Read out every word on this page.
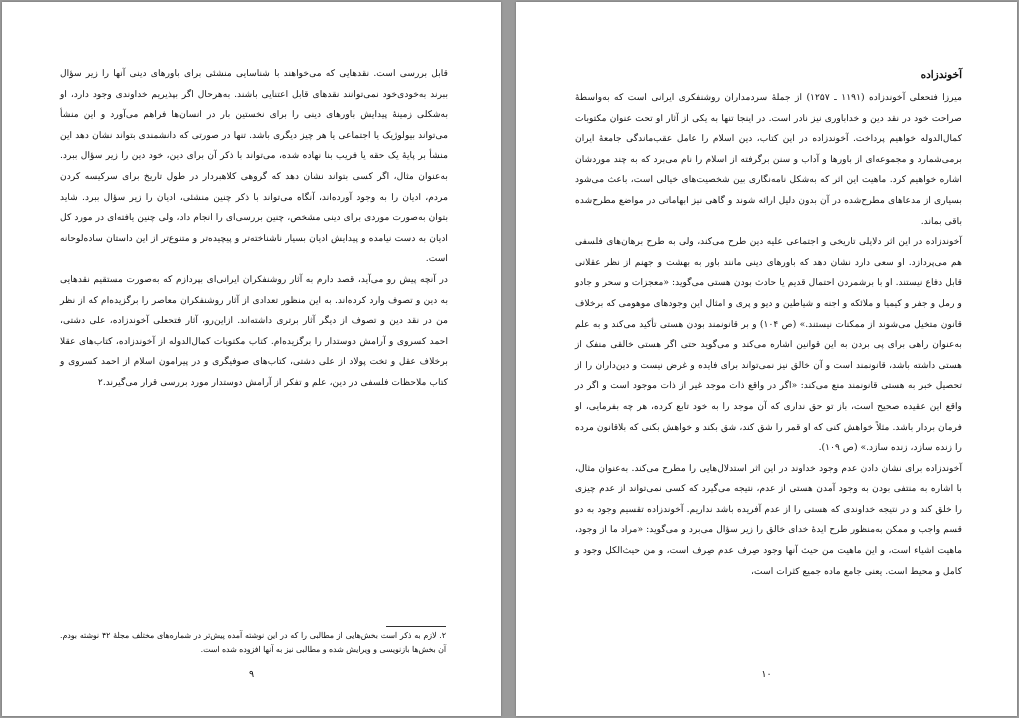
قابل بررسی است. نقدهایی که می‌خواهند با شناسایی منشئی برای باورهای دینی آنها را زیر سؤال ببرند به‌خودی‌خود نمی‌توانند نقدهای قابل اعتنایی باشند. به‌هرحال اگر بپذیریم خداوندی وجود دارد، او به‌شکلی زمینهٔ پیدایش باورهای دینی را برای نخستین بار در انسان‌ها فراهم می‌آورد و این منشأ می‌تواند بیولوژیک یا اجتماعی یا هر چیز دیگری باشد. تنها در صورتی که دانشمندی بتواند نشان دهد این منشأ بر پایهٔ یک حقه یا فریب بنا نهاده شده، می‌تواند با ذکر آن برای دین، خود دین را زیر سؤال ببرد. به‌عنوان مثال، اگر کسی بتواند نشان دهد که گروهی کلاهبردار در طول تاریخ برای سرکیسه کردن مردم، ادیان را به وجود آورده‌اند، آنگاه می‌تواند با ذکر چنین منشئی، ادیان را زیر سؤال ببرد. شاید بتوان به‌صورت موردی برای دینی مشخص، چنین بررسی‌ای را انجام داد، ولی چنین یافته‌ای در مورد کل ادیان به دست نیامده و پیدایش ادیان بسیار ناشناخته‌تر و پیچیده‌تر و متنوع‌تر از این داستان ساده‌لوحانه است.

در آنچه پیش رو می‌آید، قصد دارم به آثار روشنفکران ایرانی‌ای بپردازم که به‌صورت مستقیم نقدهایی به دین و تصوف وارد کرده‌اند. به این منظور تعدادی از آثار روشنفکران معاصر را برگزیده‌ام که از نظر من در نقد دین و تصوف از دیگر آثار برتری داشته‌اند. ازاین‌رو، آثار فتحعلی آخوندزاده، علی دشتی، احمد کسروی و آرامش دوستدار را برگزیده‌ام. کتاب مکتوبات کمال‌الدوله از آخوندزاده، کتاب‌های عقلا برخلاف عقل و تخت پولاد از علی دشتی، کتاب‌های صوفیگری و در پیرامون اسلام از احمد کسروی و کتاب ملاحظات فلسفی در دین، علم و تفکر از آرامش دوستدار مورد بررسی قرار می‌گیرند.۲

۲. لازم به ذکر است بخش‌هایی از مطالبی را که در این نوشته آمده پیش‌تر در شماره‌های مختلف مجلهٔ ۴۲ نوشته بودم. آن بخش‌ها بازنویسی و ویرایش شده و مطالبی نیز به آنها افزوده شده است.
۹
آخوندزاده

میرزا فتحعلی آخوندزاده (۱۱۹۱ ـ ۱۲۵۷) از جملهٔ سردمداران روشنفکری ایرانی است که به‌واسطهٔ صراحت خود در نقد دین و خداباوری نیز نادر است. در اینجا تنها به یکی از آثار او تحت عنوان مکتوبات کمال‌الدوله خواهیم پرداخت. آخوندزاده در این کتاب، دین اسلام را عامل عقب‌ماندگی جامعهٔ ایران برمی‌شمارد و مجموعه‌ای از باورها و آداب و سنن برگرفته از اسلام را نام می‌برد که به چند موردشان اشاره خواهیم کرد. ماهیت این اثر که به‌شکل نامه‌نگاری بین شخصیت‌های خیالی است، باعث می‌شود بسیاری از مدعاهای مطرح‌شده در آن بدون دلیل ارائه شوند و گاهی نیز ابهاماتی در مواضع مطرح‌شده باقی بماند.

آخوندزاده در این اثر دلایلی تاریخی و اجتماعی علیه دین طرح می‌کند، ولی به طرح برهان‌های فلسفی هم می‌پردازد. او سعی دارد نشان دهد که باورهای دینی مانند باور به بهشت و جهنم از نظر عقلانی قابل دفاع نیستند. او با برشمردن احتمال قدیم یا حادث بودن هستی می‌گوید: «معجزات و سحر و جادو و رمل و جفر و کیمیا و ملائکه و اجنه و شیاطین و دیو و پری و امثال این وجودهای موهومی که برخلاف قانون متخیل می‌شوند از ممکنات نیستند.» (ص ۱۰۴) و بر قانونمند بودن هستی تأکید می‌کند و به علم به‌عنوان راهی برای پی بردن به این قوانین اشاره می‌کند و می‌گوید حتی اگر هستی خالقی منفک از هستی داشته باشد، قانونمند است و آن خالق نیز نمی‌تواند برای فایده و غرض نیست و دین‌داران را از تحصیل خبر به هستی قانونمند منع می‌کند: «اگر در واقع ذات موجد غیر از ذات موجود است و اگر در واقع این عقیده صحیح است، باز تو حق نداری که آن موجد را به خود تابع کرده، هر چه بفرمایی، او فرمان بردار باشد. مثلاً خواهش کنی که او قمر را شق کند، شق بکند و خواهش بکنی که بلاقانون مرده را زنده سازد، زنده سازد.» (ص ۱۰۹).

آخوندزاده برای نشان دادن عدم وجود خداوند در این اثر استدلال‌هایی را مطرح می‌کند. به‌عنوان مثال، با اشاره به منتفی بودن به وجود آمدن هستی از عدم، نتیجه می‌گیرد که کسی نمی‌تواند از عدم چیزی را خلق کند و در نتیجه خداوندی که هستی را از عدم آفریده باشد نداریم. آخوندزاده تقسیم وجود به دو قسم واجب و ممکن به‌منظور طرح ایدهٔ خدای خالق را زیر سؤال می‌برد و می‌گوید: «مراد ما از وجود، ماهیت اشیاء است، و این ماهیت من حیث آنها وجود صِرف عدم صِرف است، و من حیث‌الکل وجود و کامل و محیط است. یعنی جامع ماده جمیع کثرات است،

۱۰
